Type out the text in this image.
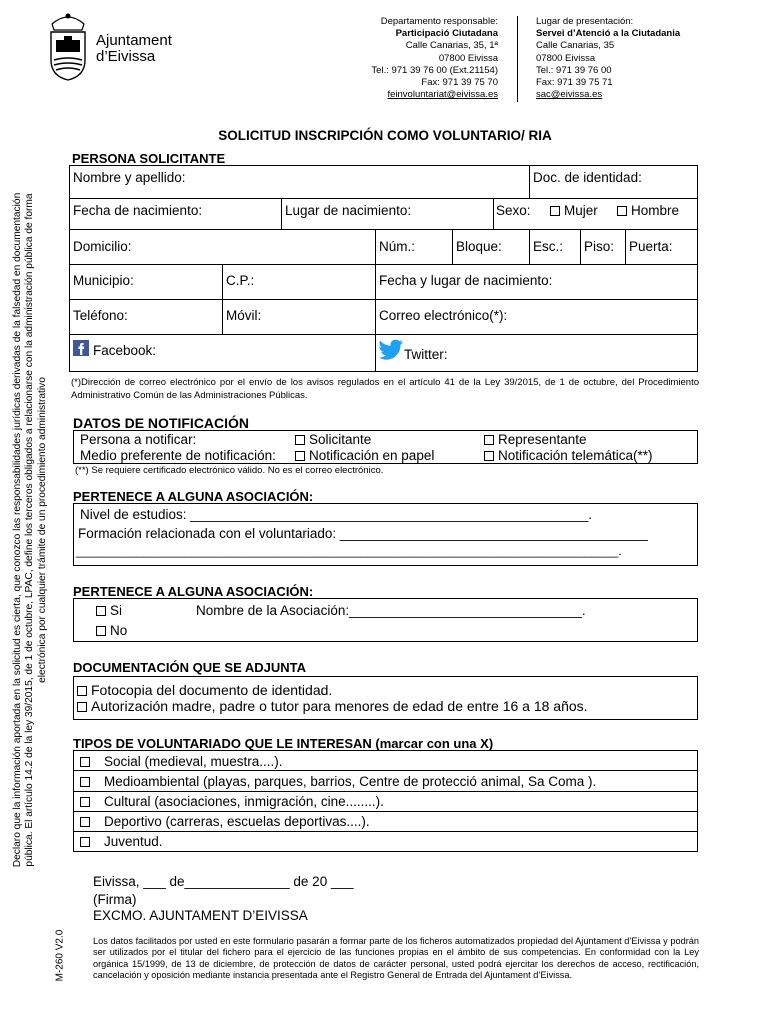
Ajuntament
d’Eivissa
Departamento responsable:
Participació Ciutadana
Calle Canarias, 35, 1ª
07800 Eivissa
Tel.: 971 39 76 00 (Ext.21154)
Fax: 971 39 75 70
feinvoluntariat@eivissa.es
Lugar de presentación:
Servei d’Atenció a la Ciutadania
Calle Canarias, 35
07800 Eivissa
Tel.: 971 39 76 00
Fax: 971 39 75 71
sac@eivissa.es
SOLICITUD INSCRIPCIÓN COMO VOLUNTARIO/ RIA
Declaro que la información aportada en la solicitud es cierta, que conozco las responsabilidades jurídicas derivadas de la falsedad en documentación pública. El artículo 14.2 de la ley 39/2015, de 1 de octubre, LPAC, define los terceros obligados a relacionarse con la administración pública de forma electrónica por cualquier trámite de un procedimiento administrativo
M-260 V2.0
PERSONA SOLICITANTE
Nombre y apellido:	Doc. de identidad:
Fecha de nacimiento:	Lugar de nacimiento:	Sexo:	Mujer	Hombre
Domicilio:	Núm.:	Bloque: Esc.: Piso: Puerta:
Municipio:	C.P.:	Fecha y lugar de nacimiento:
Teléfono:	Móvil:	Correo electrónico(*):
Facebook:	Twitter:
(*)Dirección de correo electrónico por el envío de los avisos regulados en el artículo 41 de la Ley 39/2015, de 1 de octubre, del Procedimiento Administrativo Común de las Administraciones Públicas.
DATOS DE NOTIFICACIÓN
Persona a notificar:	Solicitante	Representante
Medio preferente de notificación:	Notificación en papel	Notificación telemática(**)
(**) Se requiere certificado electrónico válido. No es el correo electrónico.
PERTENECE A ALGUNA ASOCIACIÓN:
Nivel de estudios: _____________________________________________________.
Formación relacionada con el voluntariado: _________________________________________
________________________________________________________________________________.
PERTENECE A ALGUNA ASOCIACIÓN:
Si	Nombre de la Asociación:_______________________________.
No
DOCUMENTACIÓN QUE SE ADJUNTA
Fotocopia del documento de identidad.
Autorización madre, padre o tutor para menores de edad de entre 16 a 18 años.
TIPOS DE VOLUNTARIADO QUE LE INTERESAN (marcar con una X)
Social (medieval, muestra....).
Medioambiental (playas, parques, barrios, Centre de protecció animal, Sa Coma ).
Cultural (asociaciones, inmigración, cine........).
Deportivo (carreras, escuelas deportivas....).
Juventud.
Eivissa, ___ de______________ de 20 ___
(Firma)
EXCMO. AJUNTAMENT D’EIVISSA
Los datos facilitados por usted en este formulario pasarán a formar parte de los ficheros automatizados propiedad del Ajuntament d’Eivissa y podrán ser utilizados por el titular del fichero para el ejercicio de las funciones propias en el ámbito de sus competencias. En conformidad con la Ley orgánica 15/1999, de 13 de diciembre, de protección de datos de carácter personal, usted podrá ejercitar los derechos de acceso, rectificación, cancelación y oposición mediante instancia presentada ante el Registro General de Entrada del Ajuntament d’Eivissa.
